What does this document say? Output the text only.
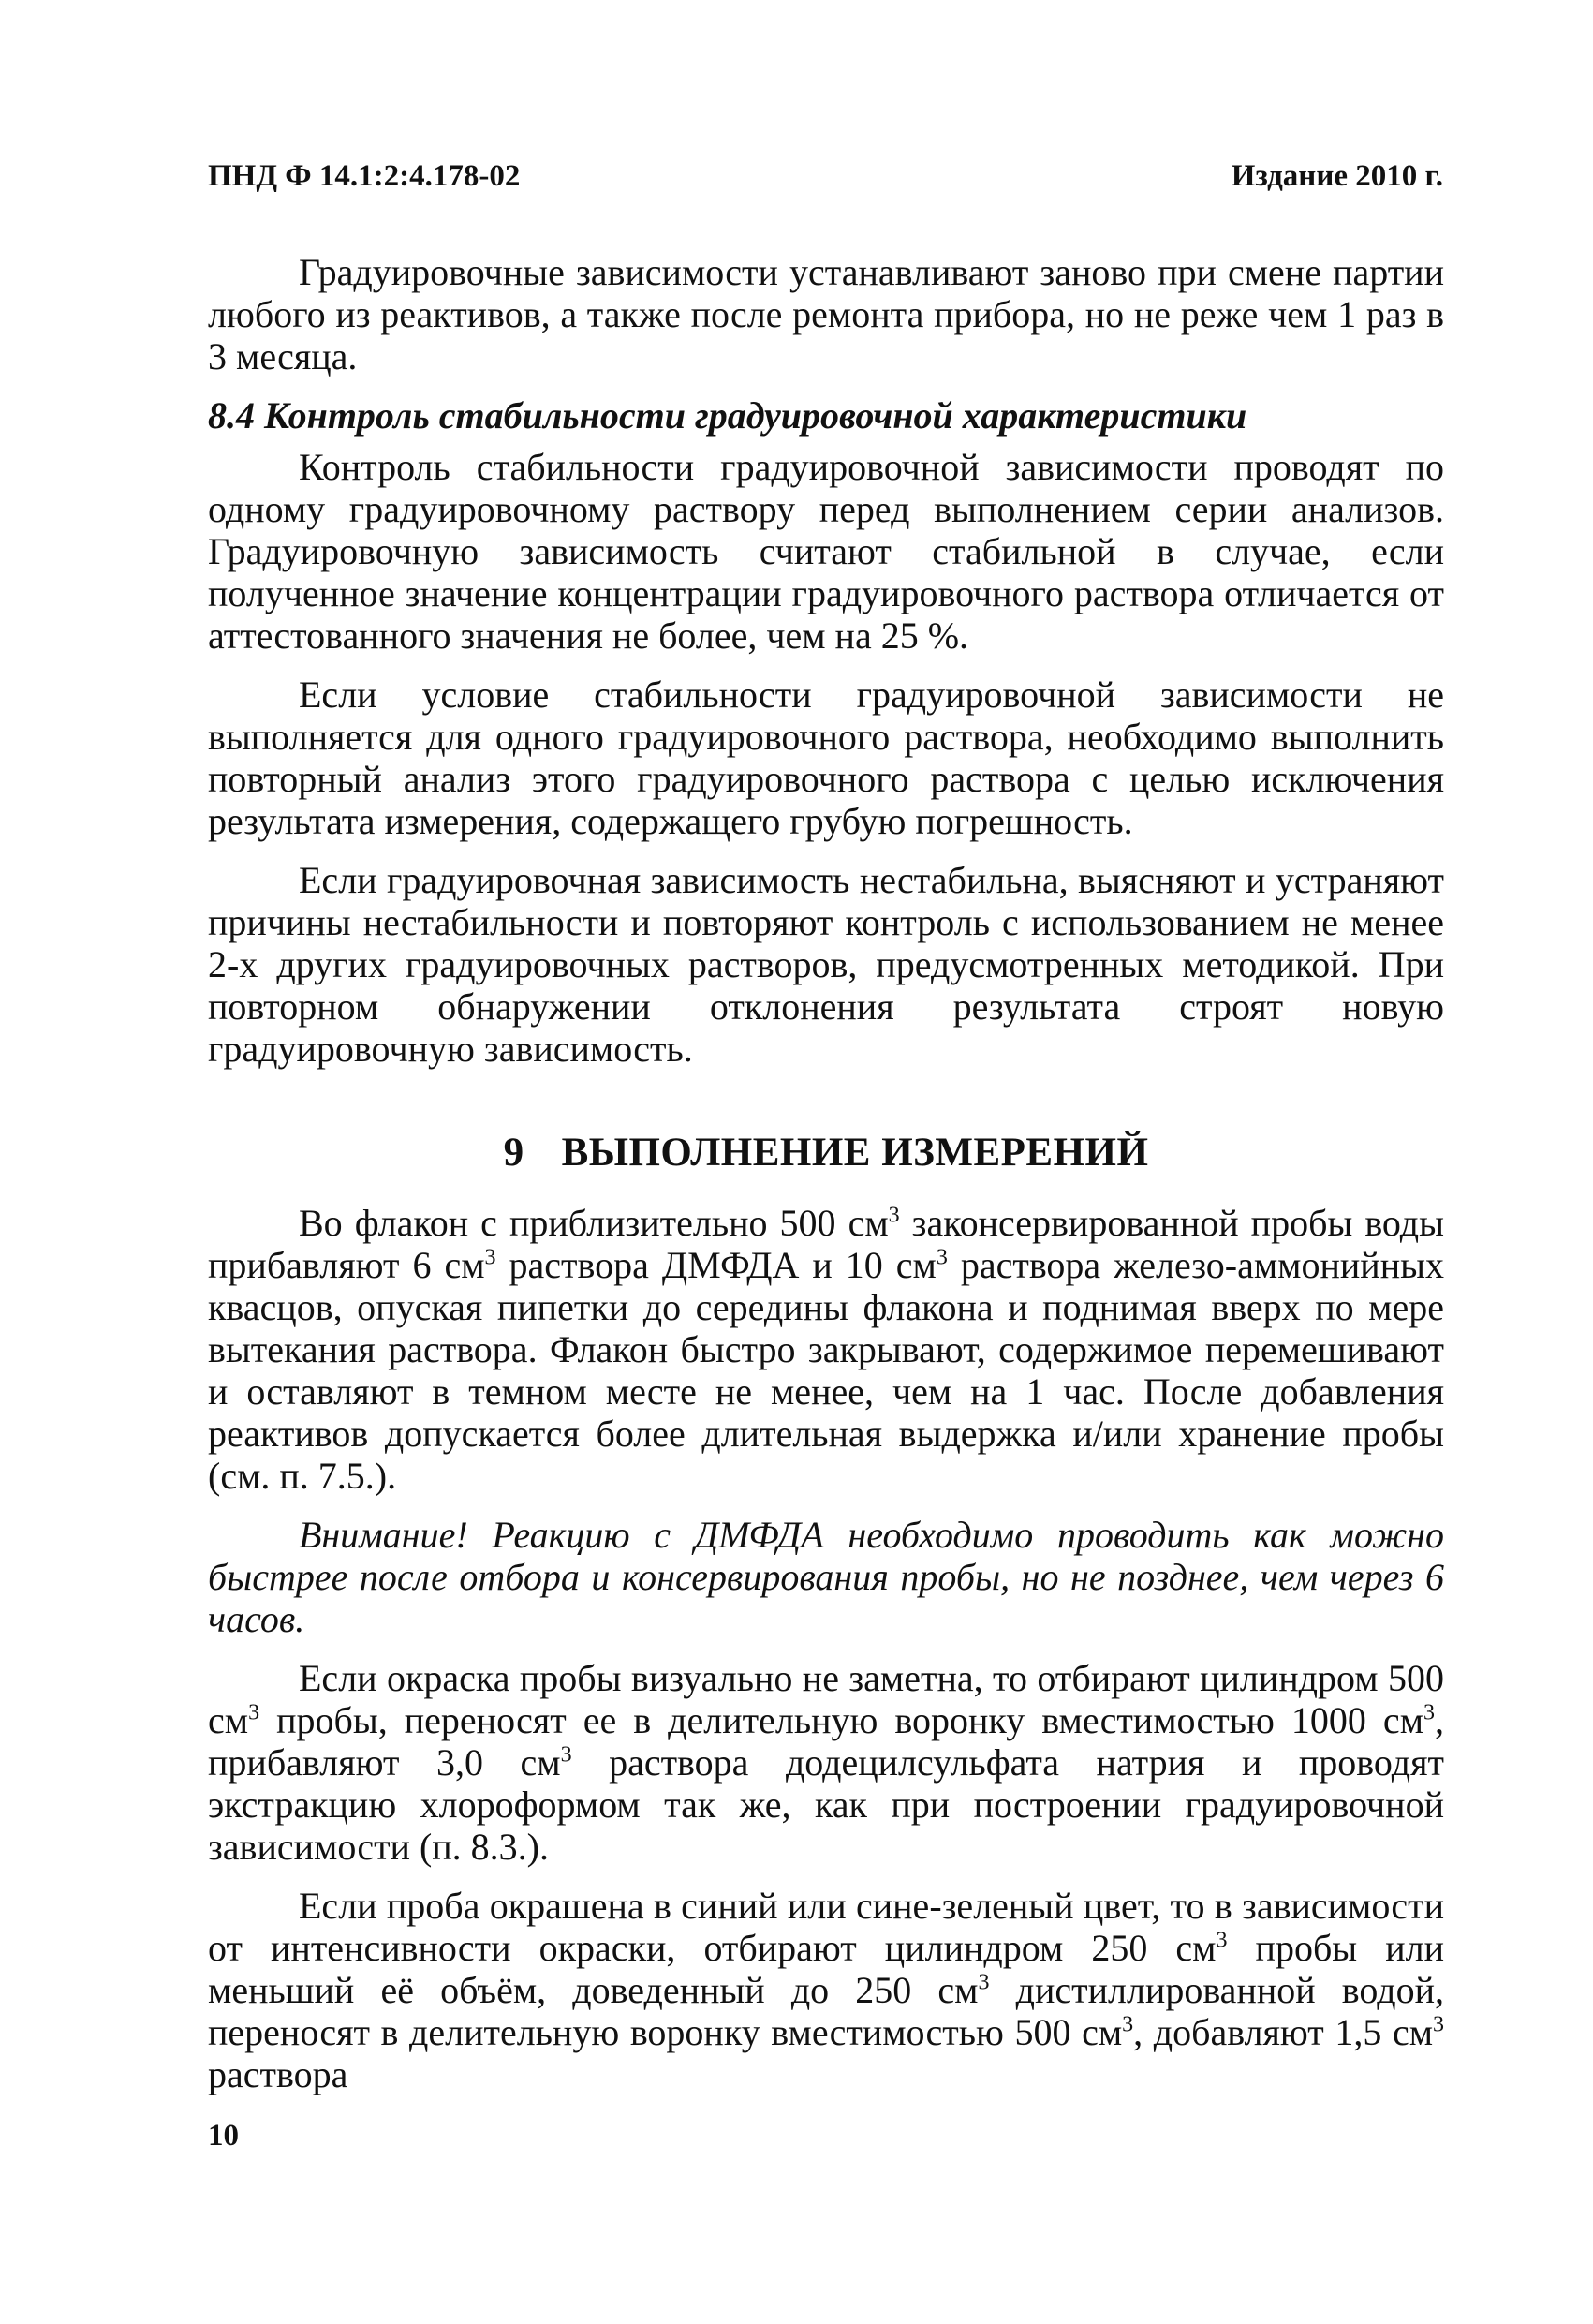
ПНД Ф 14.1:2:4.178-02	Издание 2010 г.

Градуировочные зависимости устанавливают заново при смене партии любого из реактивов, а также после ремонта прибора, но не реже чем 1 раз в 3 месяца.

8.4 Контроль стабильности градуировочной характеристики

Контроль стабильности градуировочной зависимости проводят по одному градуировочному раствору перед выполнением серии анализов. Градуировочную зависимость считают стабильной в случае, если полученное значение концентрации градуировочного раствора отличается от аттестованного значения не более, чем на 25 %.

Если условие стабильности градуировочной зависимости не выполняется для одного градуировочного раствора, необходимо выполнить повторный анализ этого градуировочного раствора с целью исключения результата измерения, содержащего грубую погрешность.

Если градуировочная зависимость нестабильна, выясняют и устраняют причины нестабильности и повторяют контроль с использованием не менее 2-х других градуировочных растворов, предусмотренных методикой. При повторном обнаружении отклонения результата строят новую градуировочную зависимость.

9 ВЫПОЛНЕНИЕ ИЗМЕРЕНИЙ

Во флакон с приблизительно 500 $см^3$ законсервированной пробы воды прибавляют 6 $см^3$ раствора ДМФДА и 10 $см^3$ раствора железо-аммонийных квасцов, опуская пипетки до середины флакона и поднимая вверх по мере вытекания раствора. Флакон быстро закрывают, содержимое перемешивают и оставляют в темном месте не менее, чем на 1 час. После добавления реактивов допускается более длительная выдержка и/или хранение пробы (см. п. 7.5.).

Внимание! Реакцию с ДМФДА необходимо проводить как можно быстрее после отбора и консервирования пробы, но не позднее, чем через 6 часов.

Если окраска пробы визуально не заметна, то отбирают цилиндром 500 $см^3$ пробы, переносят ее в делительную воронку вместимостью 1000 $см^3$, прибавляют 3,0 $см^3$ раствора додецилсульфата натрия и проводят экстракцию хлороформом так же, как при построении градуировочной зависимости (п. 8.3.).

Если проба окрашена в синий или сине-зеленый цвет, то в зависимости от интенсивности окраски, отбирают цилиндром 250 $см^3$ пробы или меньший её объём, доведенный до 250 $см^3$ дистиллированной водой, переносят в делительную воронку вместимостью 500 $см^3$, добавляют 1,5 $см^3$ раствора

10
